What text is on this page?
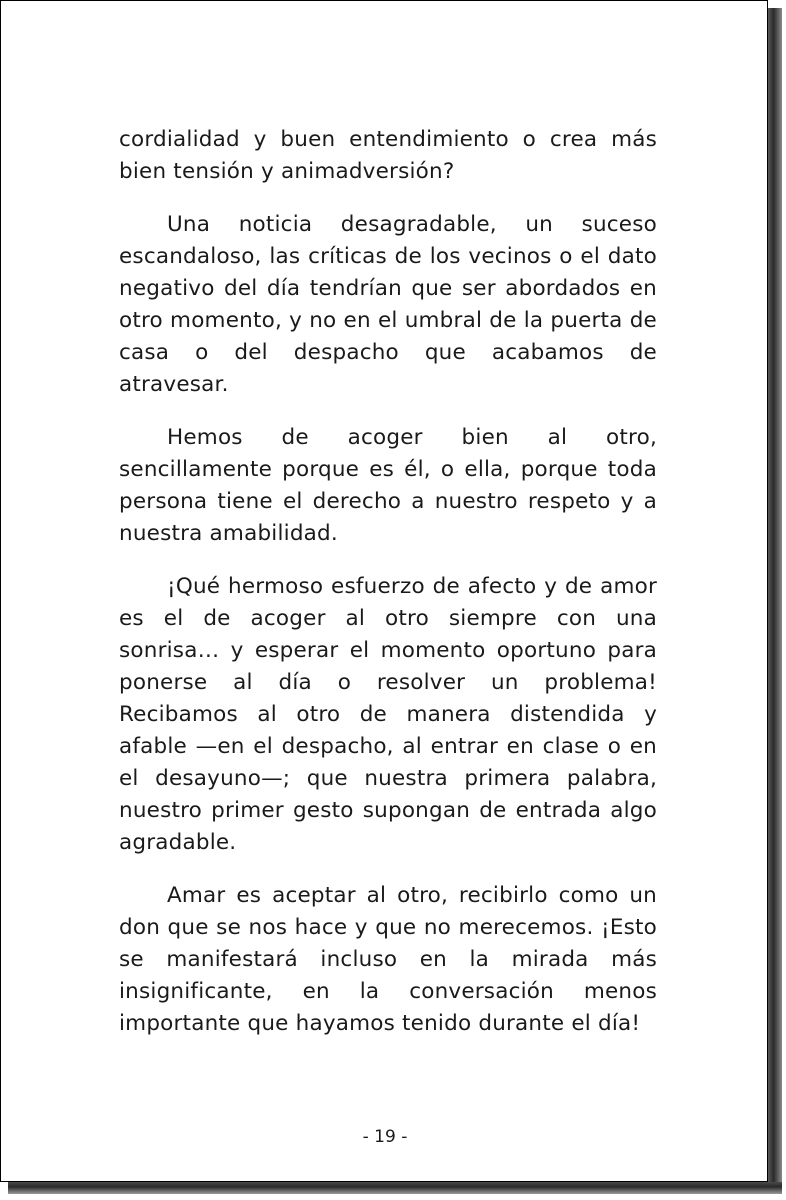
cordialidad y buen entendimiento o crea más bien tensión y animadversión?

Una noticia desagradable, un suceso escandaloso, las críticas de los vecinos o el dato negativo del día tendrían que ser abordados en otro momento, y no en el umbral de la puerta de casa o del despacho que acabamos de atravesar.

Hemos de acoger bien al otro, sencillamente porque es él, o ella, porque toda persona tiene el derecho a nuestro respeto y a nuestra amabilidad.

¡Qué hermoso esfuerzo de afecto y de amor es el de acoger al otro siempre con una sonrisa… y esperar el momento oportuno para ponerse al día o resolver un problema! Recibamos al otro de manera distendida y afable —en el despacho, al entrar en clase o en el desayuno—; que nuestra primera palabra, nuestro primer gesto supongan de entrada algo agradable.

Amar es aceptar al otro, recibirlo como un don que se nos hace y que no merecemos. ¡Esto se manifestará incluso en la mirada más insignificante, en la conversación menos importante que hayamos tenido durante el día!

- 19 -
